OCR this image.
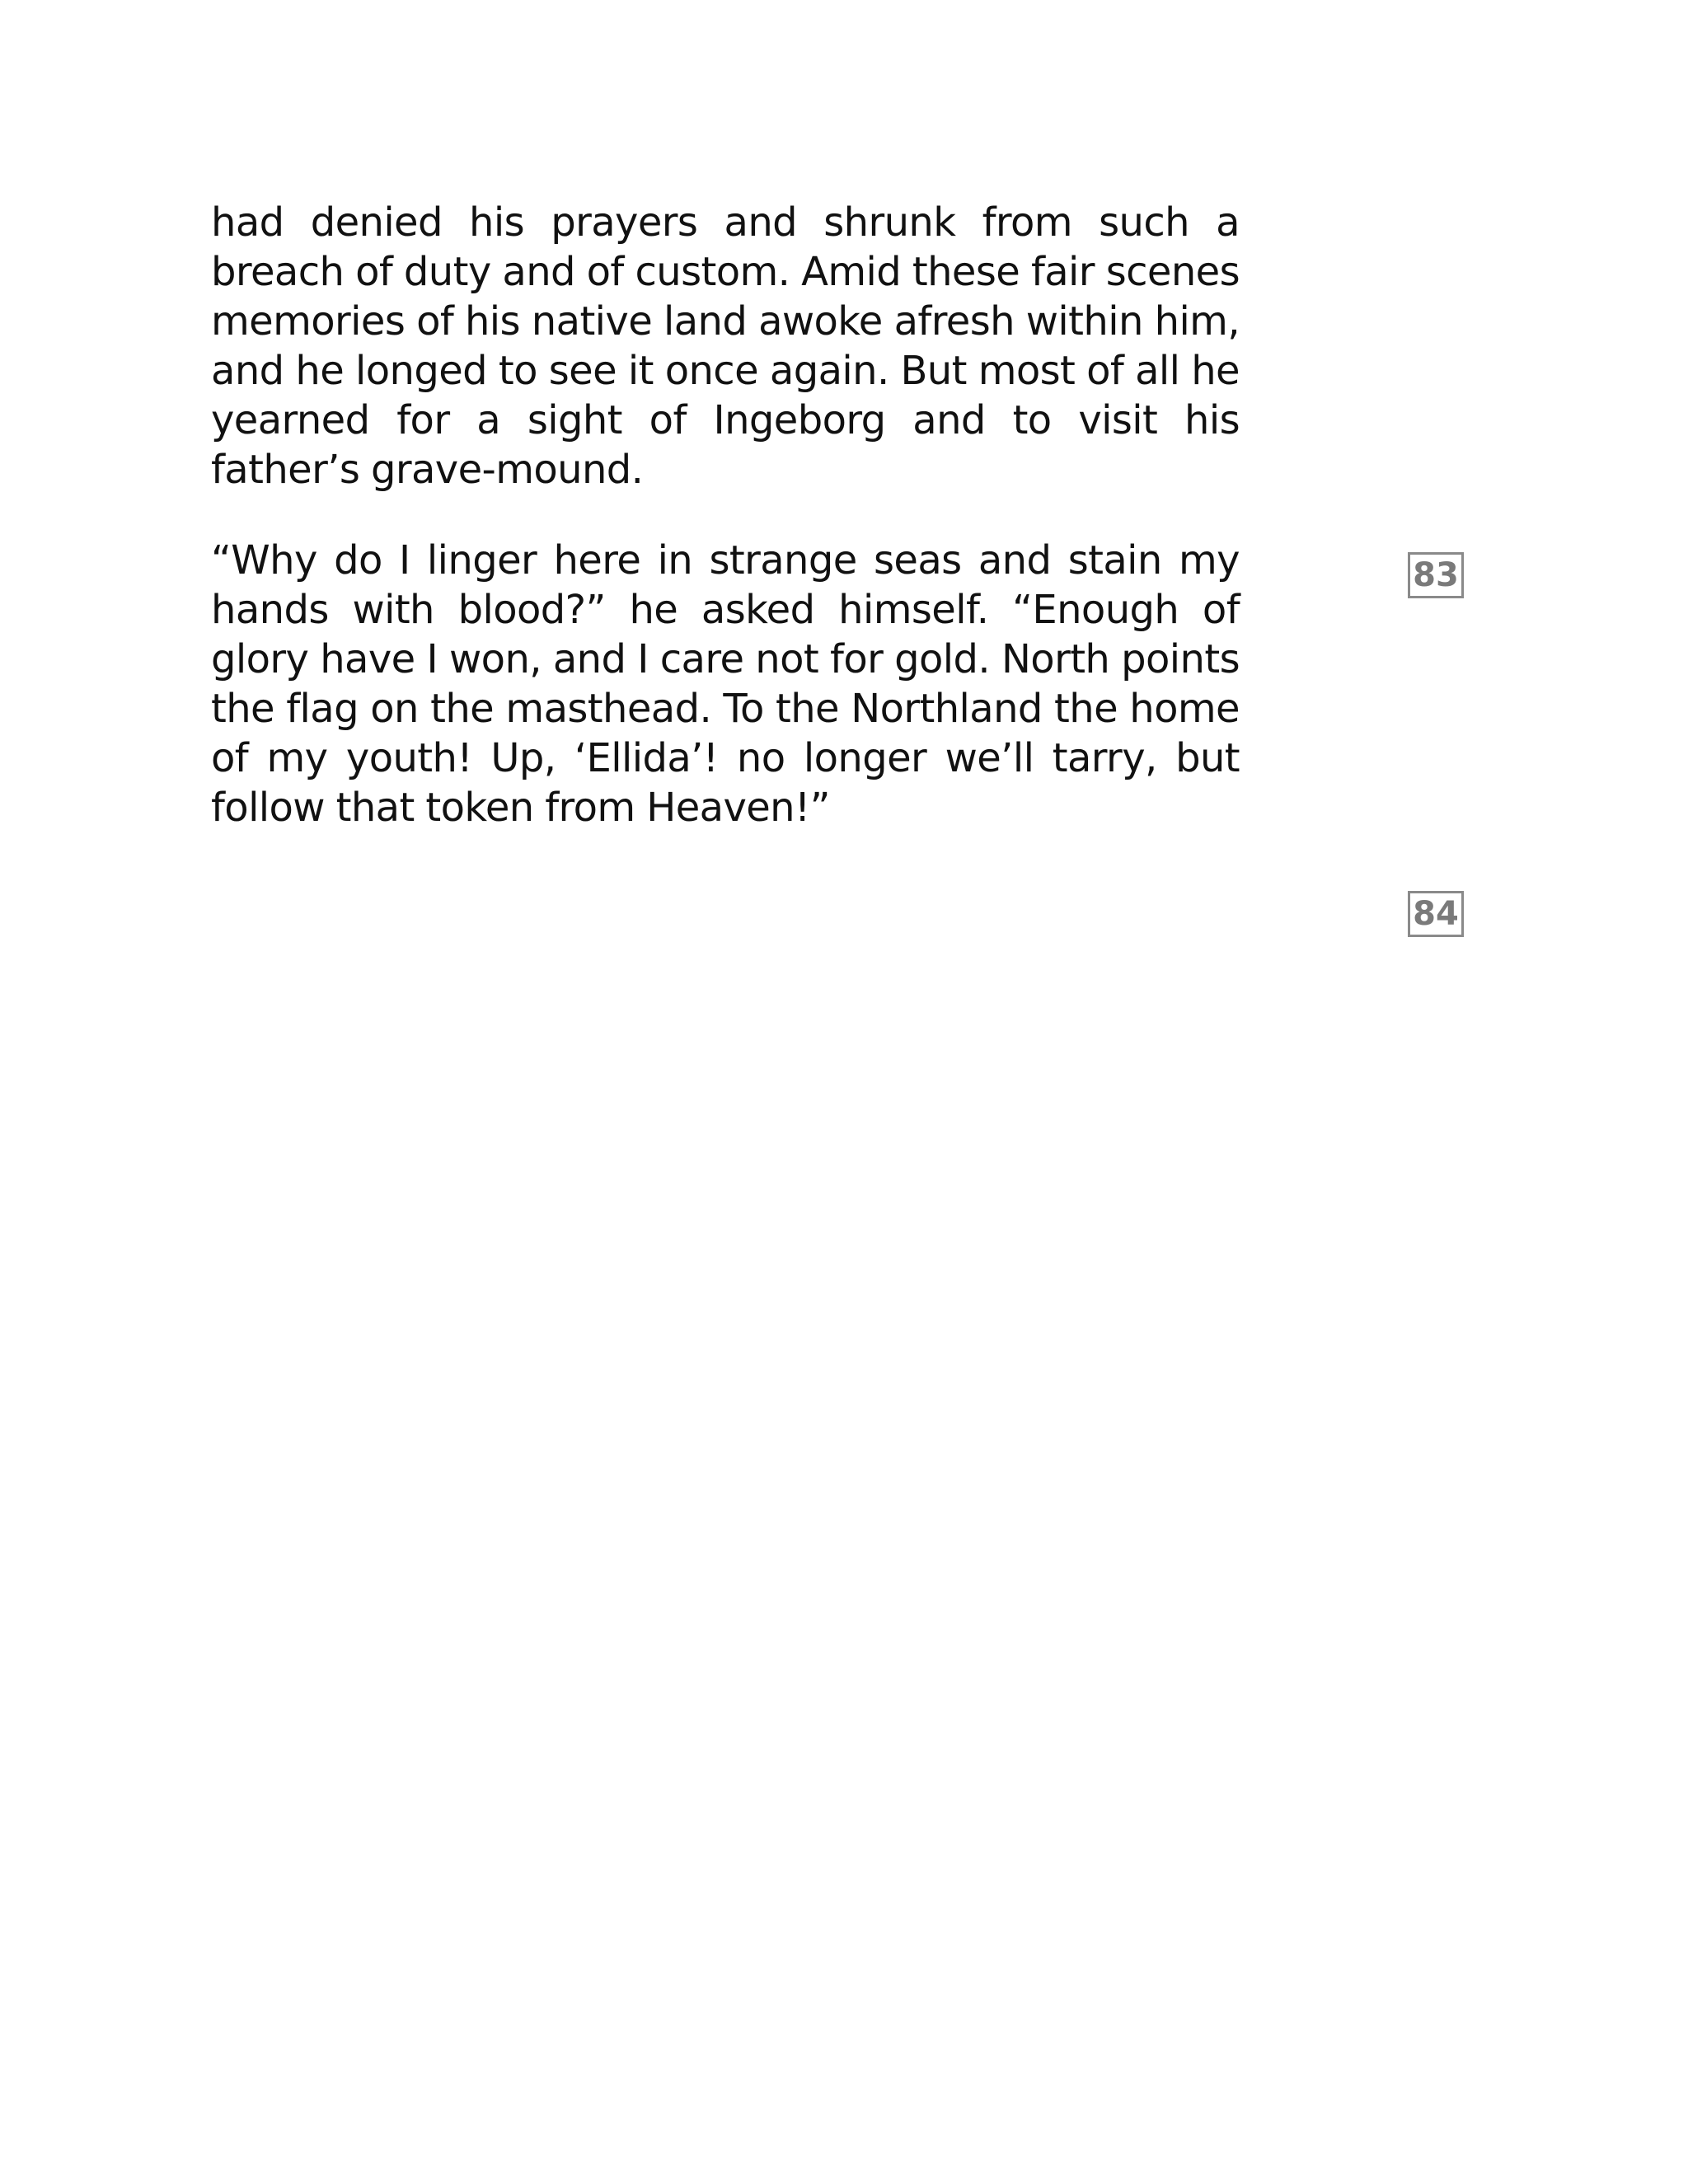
had denied his prayers and shrunk from such a breach of duty and of custom. Amid these fair scenes memories of his native land awoke afresh within him, and he longed to see it once again. But most of all he yearned for a sight of Ingeborg and to visit his father’s grave-mound.

“Why do I linger here in strange seas and stain my hands with blood?” he asked himself. “Enough of glory have I won, and I care not for gold. North points the flag on the masthead. To the Northland the home of my youth! Up, ‘Ellida’! no longer we’ll tarry, but follow that token from Heaven!”

83
84
